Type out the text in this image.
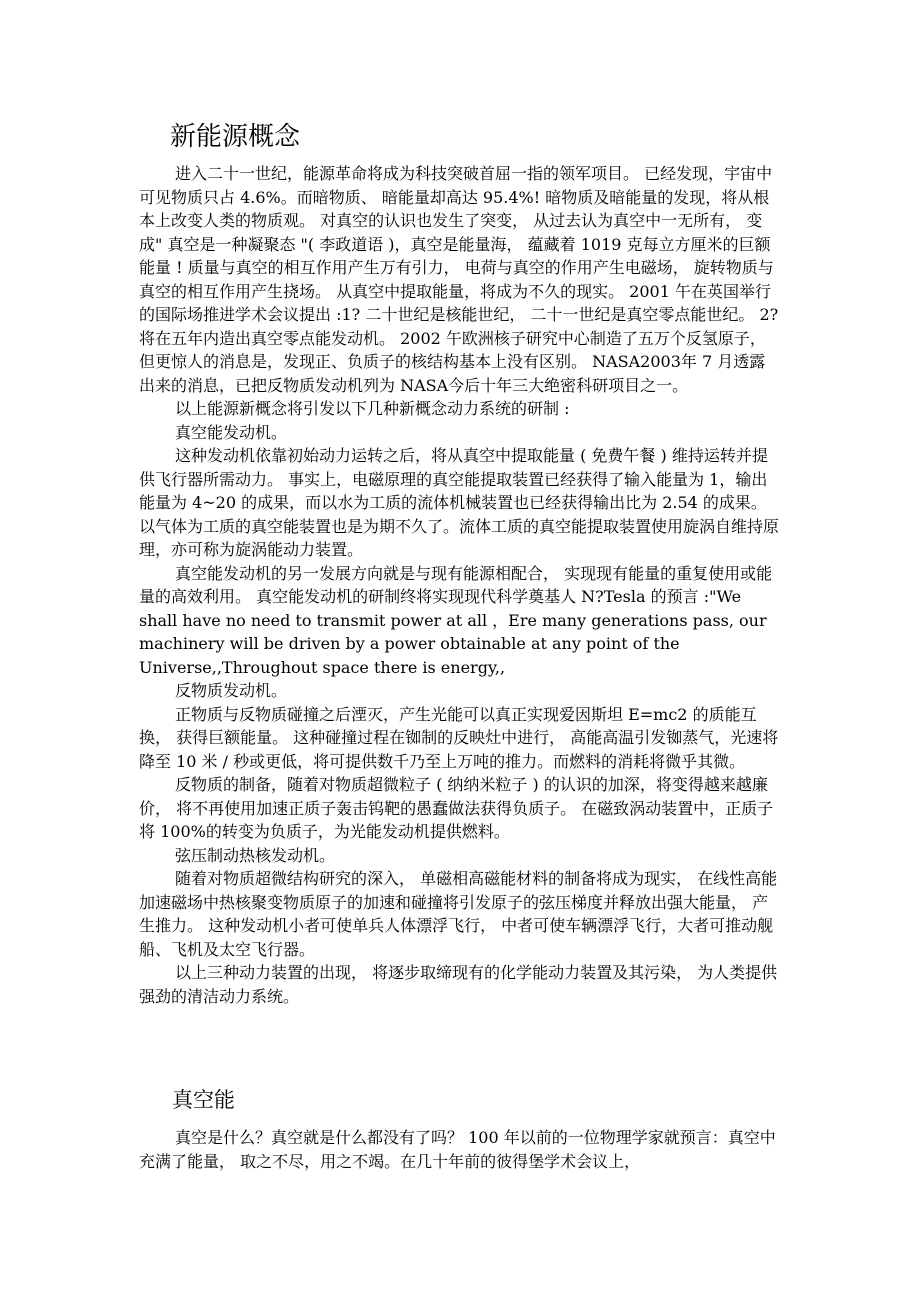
新能源概念

进入二十一世纪，能源革命将成为科技突破首屈一指的领军项目。 已经发现，宇宙中可见物质只占 4.6%。而暗物质、 暗能量却高达 95.4%! 暗物质及暗能量的发现，将从根本上改变人类的物质观。 对真空的认识也发生了突变， 从过去认为真空中一无所有， 变成" 真空是一种凝聚态 "( 李政道语 )，真空是能量海， 蕴藏着 1019 克每立方厘米的巨额能量 ! 质量与真空的相互作用产生万有引力， 电荷与真空的作用产生电磁场， 旋转物质与真空的相互作用产生挠场。 从真空中提取能量，将成为不久的现实。 2001 午在英国举行的国际场推进学术会议提出 :1? 二十世纪是核能世纪， 二十一世纪是真空零点能世纪。 2?将在五年内造出真空零点能发动机。 2002 午欧洲核子研究中心制造了五万个反氢原子，但更惊人的消息是，发现正、负质子的核结构基本上没有区别。 NASA2003年 7 月透露出来的消息，已把反物质发动机列为 NASA今后十年三大绝密科研项目之一。

以上能源新概念将引发以下几种新概念动力系统的研制 :

真空能发动机。

这种发动机依靠初始动力运转之后，将从真空中提取能量 ( 免费午餐 ) 维持运转并提供飞行器所需动力。 事实上，电磁原理的真空能提取装置已经获得了输入能量为 1，输出能量为 4~20 的成果，而以水为工质的流体机械装置也已经获得输出比为 2.54 的成果。以气体为工质的真空能装置也是为期不久了。流体工质的真空能提取装置使用旋涡自维持原理，亦可称为旋涡能动力装置。

真空能发动机的另一发展方向就是与现有能源相配合， 实现现有能量的重复使用或能量的高效利用。 真空能发动机的研制终将实现现代科学奠基人 N?Tesla 的预言 :"We shall have no need to transmit power at all ，Ere many generations pass, our machinery will be driven by a power obtainable at any point of the Universe,,Throughout space there is energy,,

反物质发动机。

正物质与反物质碰撞之后湮灭，产生光能可以真正实现爱因斯坦 E=mc2 的质能互换， 获得巨额能量。 这种碰撞过程在铷制的反映灶中进行， 高能高温引发铷蒸气，光速将降至 10 米 / 秒或更低，将可提供数千乃至上万吨的推力。而燃料的消耗将微乎其微。

反物质的制备，随着对物质超微粒子 ( 纳纳米粒子 ) 的认识的加深，将变得越来越廉价， 将不再使用加速正质子轰击钨靶的愚蠢做法获得负质子。 在磁致涡动装置中，正质子将 100%的转变为负质子，为光能发动机提供燃料。

弦压制动热核发动机。

随着对物质超微结构研究的深入， 单磁相高磁能材料的制备将成为现实， 在线性高能加速磁场中热核聚变物质原子的加速和碰撞将引发原子的弦压梯度并释放出强大能量， 产生推力。 这种发动机小者可使单兵人体漂浮飞行， 中者可使车辆漂浮飞行，大者可推动舰船、飞机及太空飞行器。

以上三种动力装置的出现， 将逐步取缔现有的化学能动力装置及其污染， 为人类提供强劲的清洁动力系统。

真空能

真空是什么？真空就是什么都没有了吗？ 100 年以前的一位物理学家就预言：真空中充满了能量， 取之不尽，用之不竭。在几十年前的彼得堡学术会议上，
